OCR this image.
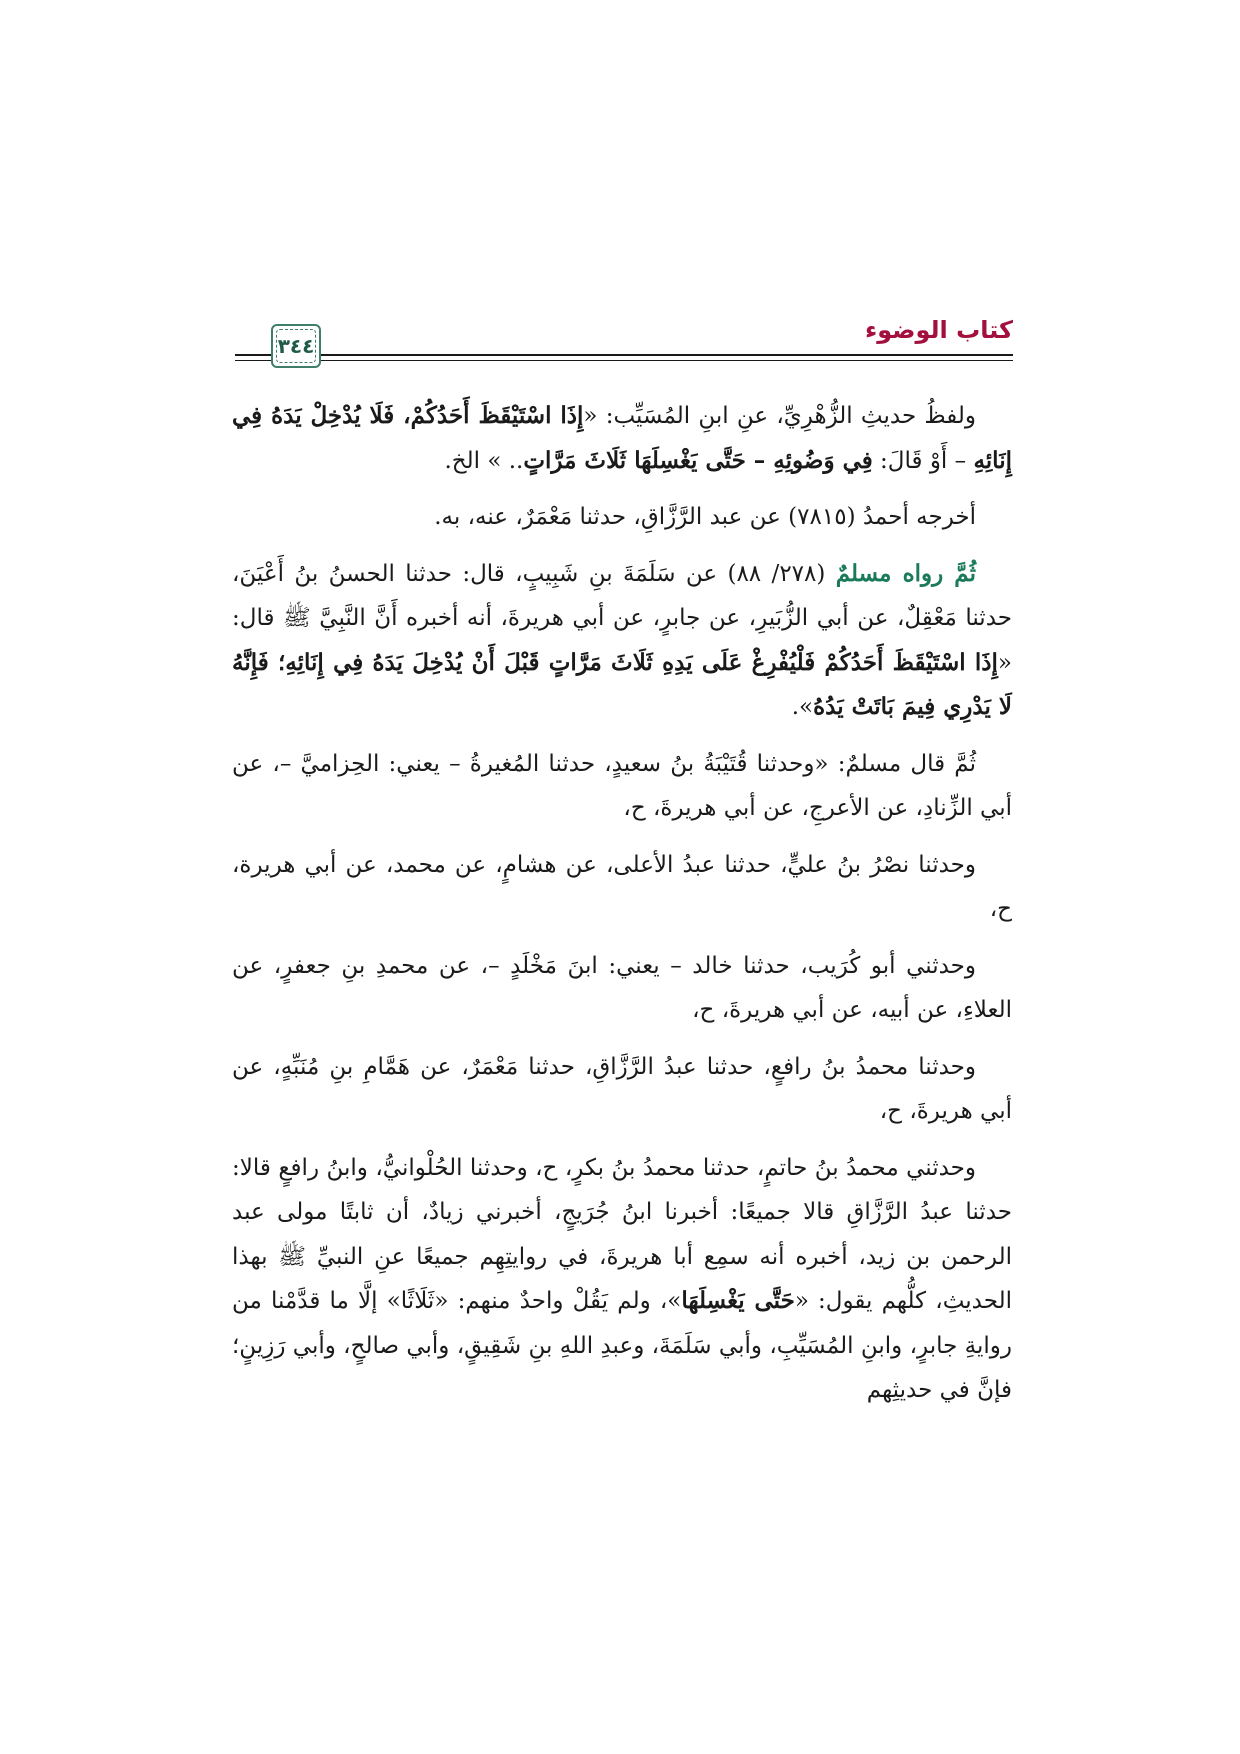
كتاب الوضوء
٣٤٤

ولفظُ حديثِ الزُّهْرِيِّ، عنِ ابنِ المُسَيِّب: «إِذَا اسْتَيْقَظَ أَحَدُكُمْ، فَلَا يُدْخِلْ يَدَهُ فِي إِنَائِهِ – أَوْ قَالَ: فِي وَضُوئِهِ – حَتَّى يَغْسِلَهَا ثَلَاثَ مَرَّاتٍ.. » الخ.

أخرجه أحمدُ (٧٨١٥) عن عبد الرَّزَّاقِ، حدثنا مَعْمَرٌ، عنه، به.

ثُمَّ رواه مسلمٌ (٢٧٨/ ٨٨) عن سَلَمَةَ بنِ شَبِيبٍ، قال: حدثنا الحسنُ بنُ أَعْيَنَ، حدثنا مَعْقِلٌ، عن أبي الزُّبَيرِ، عن جابرٍ، عن أبي هريرةَ، أنه أخبره أَنَّ النَّبِيَّ ﷺ قال: «إِذَا اسْتَيْقَظَ أَحَدُكُمْ فَلْيُفْرِغْ عَلَى يَدِهِ ثَلَاثَ مَرَّاتٍ قَبْلَ أَنْ يُدْخِلَ يَدَهُ فِي إِنَائِهِ؛ فَإِنَّهُ لَا يَدْرِي فِيمَ بَاتَتْ يَدُهُ».

ثُمَّ قال مسلمٌ: «وحدثنا قُتَيْبَةُ بنُ سعيدٍ، حدثنا المُغيرةُ – يعني: الحِزاميَّ –، عن أبي الزِّنادِ، عن الأعرجِ، عن أبي هريرةَ، ح،

وحدثنا نصْرُ بنُ عليٍّ، حدثنا عبدُ الأعلى، عن هشامٍ، عن محمد، عن أبي هريرة، ح،

وحدثني أبو كُرَيب، حدثنا خالد – يعني: ابنَ مَخْلَدٍ –، عن محمدِ بنِ جعفرٍ، عن العلاءِ، عن أبيه، عن أبي هريرةَ، ح،

وحدثنا محمدُ بنُ رافعٍ، حدثنا عبدُ الرَّزَّاقِ، حدثنا مَعْمَرٌ، عن هَمَّامِ بنِ مُنَبِّهٍ، عن أبي هريرةَ، ح،

وحدثني محمدُ بنُ حاتمٍ، حدثنا محمدُ بنُ بكرٍ، ح، وحدثنا الحُلْوانيُّ، وابنُ رافعٍ قالا: حدثنا عبدُ الرَّزَّاقِ قالا جميعًا: أخبرنا ابنُ جُرَيجٍ، أخبرني زيادٌ، أن ثابتًا مولى عبد الرحمن بن زيد، أخبره أنه سمِع أبا هريرةَ، في روايتِهِم جميعًا عنِ النبيِّ ﷺ بهذا الحديثِ، كلُّهم يقول: «حَتَّى يَغْسِلَهَا»، ولم يَقُلْ واحدٌ منهم: «ثَلَاثًا» إلَّا ما قدَّمْنا من روايةِ جابرٍ، وابنِ المُسَيِّبِ، وأبي سَلَمَةَ، وعبدِ اللهِ بنِ شَقِيقٍ، وأبي صالحٍ، وأبي رَزِينٍ؛ فإنَّ في حديثِهم
